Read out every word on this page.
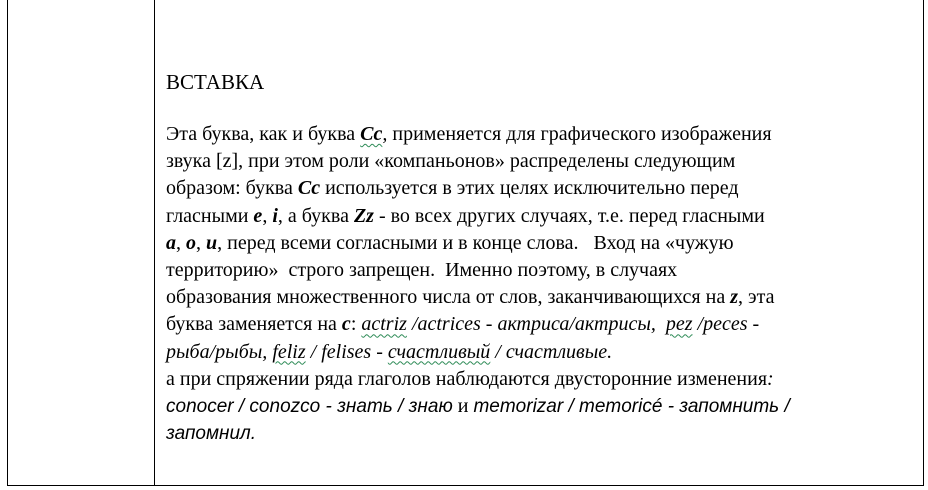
ВСТАВКА
Эта буква, как и буква Cc, применяется для графического изображения
звука [z], при этом роли «компаньонов» распределены следующим
образом: буква Cc используется в этих целях исключительно перед
гласными e, i, а буква Zz - во всех других случаях, т.е. перед гласными
a, o, u, перед всеми согласными и в конце слова.   Вход на «чужую
территорию»  строго запрещен.  Именно поэтому, в случаях
образования множественного числа от слов, заканчивающихся на z, эта
буква заменяется на c: actriz /actrices - актриса/актрисы,  pez /peces -
рыба/рыбы, feliz / felises - счастливый / счастливые.
а при спряжении ряда глаголов наблюдаются двусторонние изменения:
conocer / conozco - знать / знаю и memorizar / memoricé - запомнить /
запомнил.
